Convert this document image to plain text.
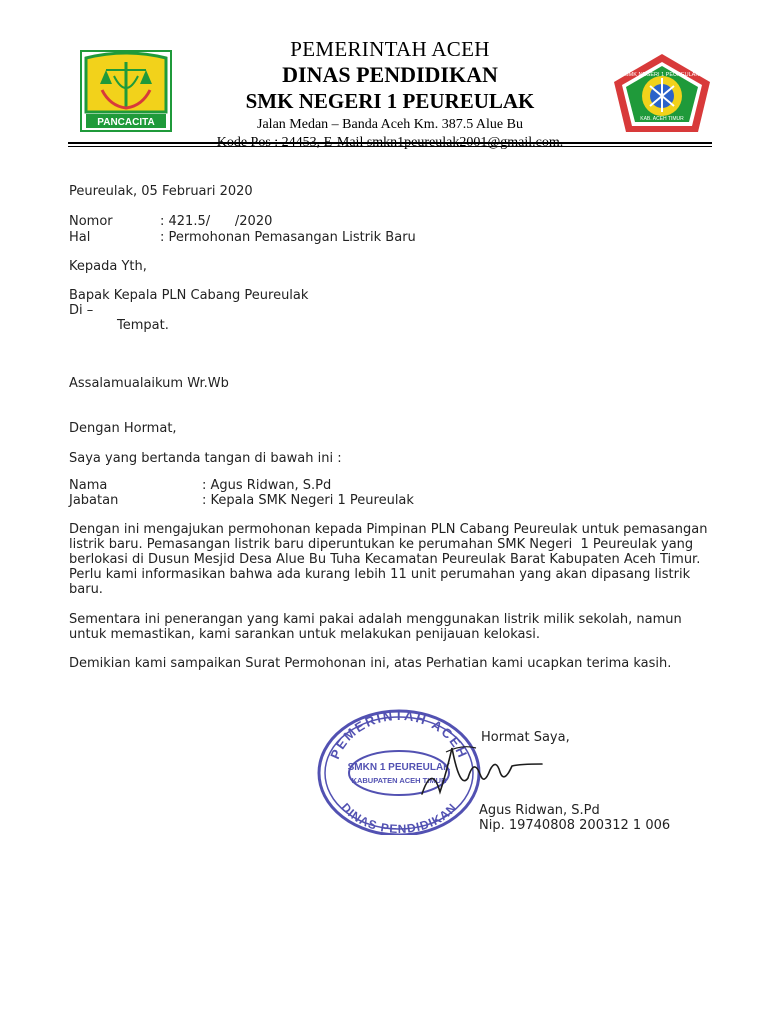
PANCACITA
PEMERINTAH ACEH
DINAS PENDIDIKAN
SMK NEGERI 1 PEUREULAK
Jalan Medan – Banda Aceh Km. 387.5 Alue Bu
Kode Pos : 24453, E-Mail smkn1peureulak2001@gmail.com.
SMK NEGERI 1 PEUREULAK
KAB. ACEH TIMUR
Peureulak, 05 Februari 2020
Nomor	: 421.5/      /2020
Hal	: Permohonan Pemasangan Listrik Baru
Kepada Yth,
Bapak Kepala PLN Cabang Peureulak
Di –
Tempat.
Assalamualaikum Wr.Wb
Dengan Hormat,
Saya yang bertanda tangan di bawah ini :
Nama	: Agus Ridwan, S.Pd
Jabatan	: Kepala SMK Negeri 1 Peureulak
Dengan ini mengajukan permohonan kepada Pimpinan PLN Cabang Peureulak untuk pemasangan
listrik baru. Pemasangan listrik baru diperuntukan ke perumahan SMK Negeri  1 Peureulak yang
berlokasi di Dusun Mesjid Desa Alue Bu Tuha Kecamatan Peureulak Barat Kabupaten Aceh Timur.
Perlu kami informasikan bahwa ada kurang lebih 11 unit perumahan yang akan dipasang listrik
baru.
Sementara ini penerangan yang kami pakai adalah menggunakan listrik milik sekolah, namun
untuk memastikan, kami sarankan untuk melakukan penijauan kelokasi.
Demikian kami sampaikan Surat Permohonan ini, atas Perhatian kami ucapkan terima kasih.
PEMERINTAH ACEH
DINAS PENDIDIKAN
SMKN 1 PEUREULAK
KABUPATEN ACEH TIMUR
Hormat Saya,
Agus Ridwan, S.Pd
Nip. 19740808 200312 1 006
